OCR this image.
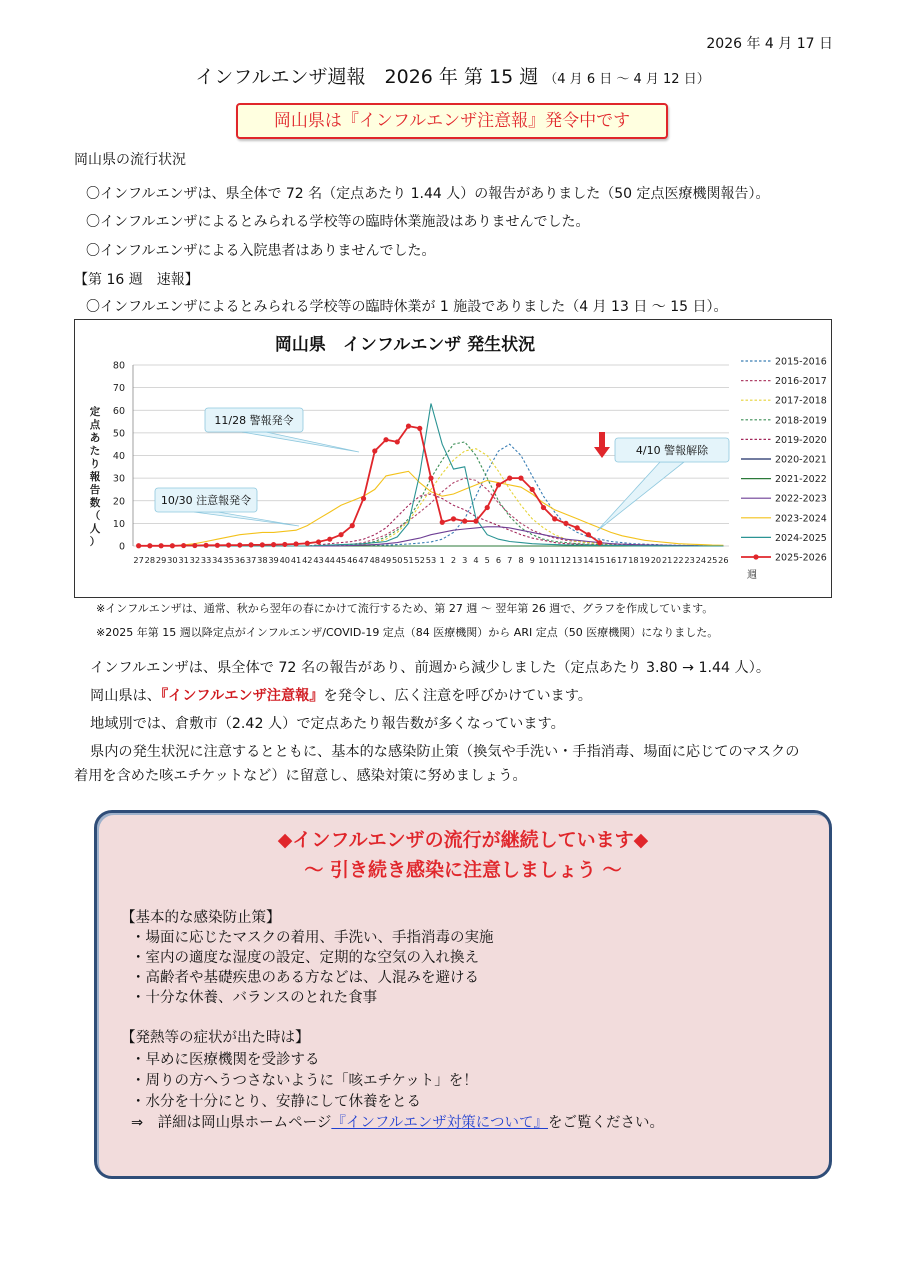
2026 年 4 月 17 日
インフルエンザ週報　2026 年 第 15 週 （4 月 6 日 ～ 4 月 12 日）
岡山県は『インフルエンザ注意報』発令中です
岡山県の流行状況
〇インフルエンザは、県全体で 72 名（定点あたり 1.44 人）の報告がありました（50 定点医療機関報告）。
〇インフルエンザによるとみられる学校等の臨時休業施設はありませんでした。
〇インフルエンザによる入院患者はありませんでした。
【第 16 週　速報】
〇インフルエンザによるとみられる学校等の臨時休業が 1 施設でありました（4 月 13 日 ～ 15 日）。
岡山県　インフルエンザ 発生状況
0
10
20
30
40
50
60
70
80
27 28 29 30 31 32 33 34 35 36 37 38 39 40 41 42 43 44 45 46 47 48 49 50 51 52 53 1 2 3 4 5 6 7 8 9 10 11 12 13 14 15 16 17 18 19 20 21 22 23 24 25 26
週
定
点
あ
た
り
報
告
数
（
人
）
2015-2016
2016-2017
2017-2018
2018-2019
2019-2020
2020-2021
2021-2022
2022-2023
2023-2024
2024-2025
2025-2026
11/28 警報発令
10/30 注意報発令
4/10 警報解除
※インフルエンザは、通常、秋から翌年の春にかけて流行するため、第 27 週 ～ 翌年第 26 週で、グラフを作成しています。
※2025 年第 15 週以降定点がインフルエンザ/COVID-19 定点（84 医療機関）から ARI 定点（50 医療機関）になりました。
インフルエンザは、県全体で 72 名の報告があり、前週から減少しました（定点あたり 3.80 → 1.44 人）。
岡山県は、『インフルエンザ注意報』を発令し、広く注意を呼びかけています。
地域別では、倉敷市（2.42 人）で定点あたり報告数が多くなっています。
県内の発生状況に注意するとともに、基本的な感染防止策（換気や手洗い・手指消毒、場面に応じてのマスクの
着用を含めた咳エチケットなど）に留意し、感染対策に努めましょう。
◆インフルエンザの流行が継続しています◆
～ 引き続き感染に注意しましょう ～
【基本的な感染防止策】
・場面に応じたマスクの着用、手洗い、手指消毒の実施
・室内の適度な湿度の設定、定期的な空気の入れ換え
・高齢者や基礎疾患のある方などは、人混みを避ける
・十分な休養、バランスのとれた食事
【発熱等の症状が出た時は】
・早めに医療機関を受診する
・周りの方へうつさないように「咳エチケット」を！
・水分を十分にとり、安静にして休養をとる
⇒　詳細は岡山県ホームページ『インフルエンザ対策について』をご覧ください。
